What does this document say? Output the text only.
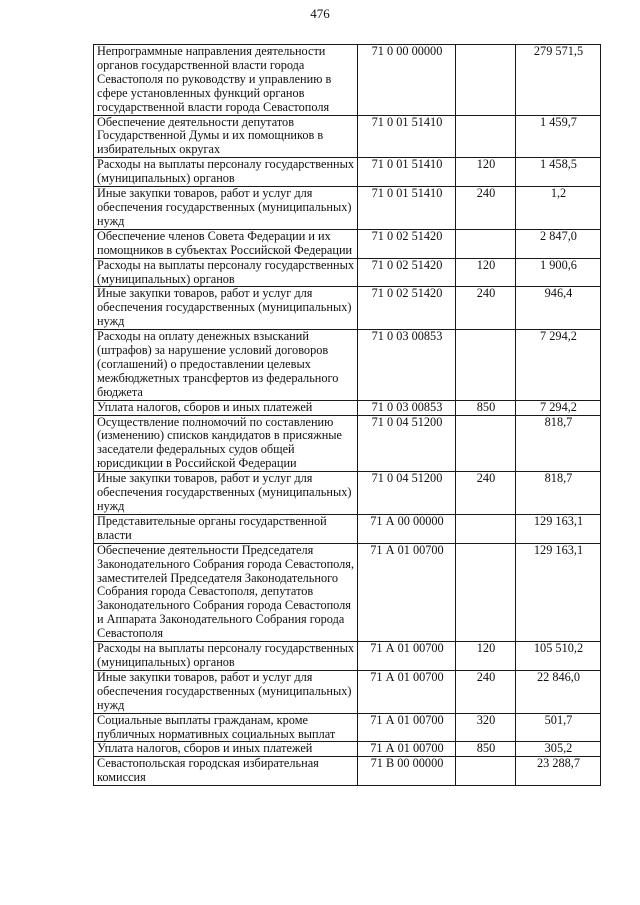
476
Непрограммные направления деятельности органов государственной власти города Севастополя по руководству и управлению в сфере установленных функций органов государственной власти города Севастополя	71 0 00 00000		279 571,5
Обеспечение деятельности депутатов Государственной Думы и их помощников в избирательных округах	71 0 01 51410		1 459,7
Расходы на выплаты персоналу государственных (муниципальных) органов	71 0 01 51410	120	1 458,5
Иные закупки товаров, работ и услуг для обеспечения государственных (муниципальных) нужд	71 0 01 51410	240	1,2
Обеспечение членов Совета Федерации и их помощников в субъектах Российской Федерации	71 0 02 51420		2 847,0
Расходы на выплаты персоналу государственных (муниципальных) органов	71 0 02 51420	120	1 900,6
Иные закупки товаров, работ и услуг для обеспечения государственных (муниципальных) нужд	71 0 02 51420	240	946,4
Расходы на оплату денежных взысканий (штрафов) за нарушение условий договоров (соглашений) о предоставлении целевых межбюджетных трансфертов из федерального бюджета	71 0 03 00853		7 294,2
Уплата налогов, сборов и иных платежей	71 0 03 00853	850	7 294,2
Осуществление полномочий по составлению (изменению) списков кандидатов в присяжные заседатели федеральных судов общей юрисдикции в Российской Федерации	71 0 04 51200		818,7
Иные закупки товаров, работ и услуг для обеспечения государственных (муниципальных) нужд	71 0 04 51200	240	818,7
Представительные органы государственной власти	71 А 00 00000		129 163,1
Обеспечение деятельности Председателя Законодательного Собрания города Севастополя, заместителей Председателя Законодательного Собрания города Севастополя, депутатов Законодательного Собрания города Севастополя и Аппарата Законодательного Собрания города Севастополя	71 А 01 00700		129 163,1
Расходы на выплаты персоналу государственных (муниципальных) органов	71 А 01 00700	120	105 510,2
Иные закупки товаров, работ и услуг для обеспечения государственных (муниципальных) нужд	71 А 01 00700	240	22 846,0
Социальные выплаты гражданам, кроме публичных нормативных социальных выплат	71 А 01 00700	320	501,7
Уплата налогов, сборов и иных платежей	71 А 01 00700	850	305,2
Севастопольская городская избирательная комиссия	71 В 00 00000		23 288,7
